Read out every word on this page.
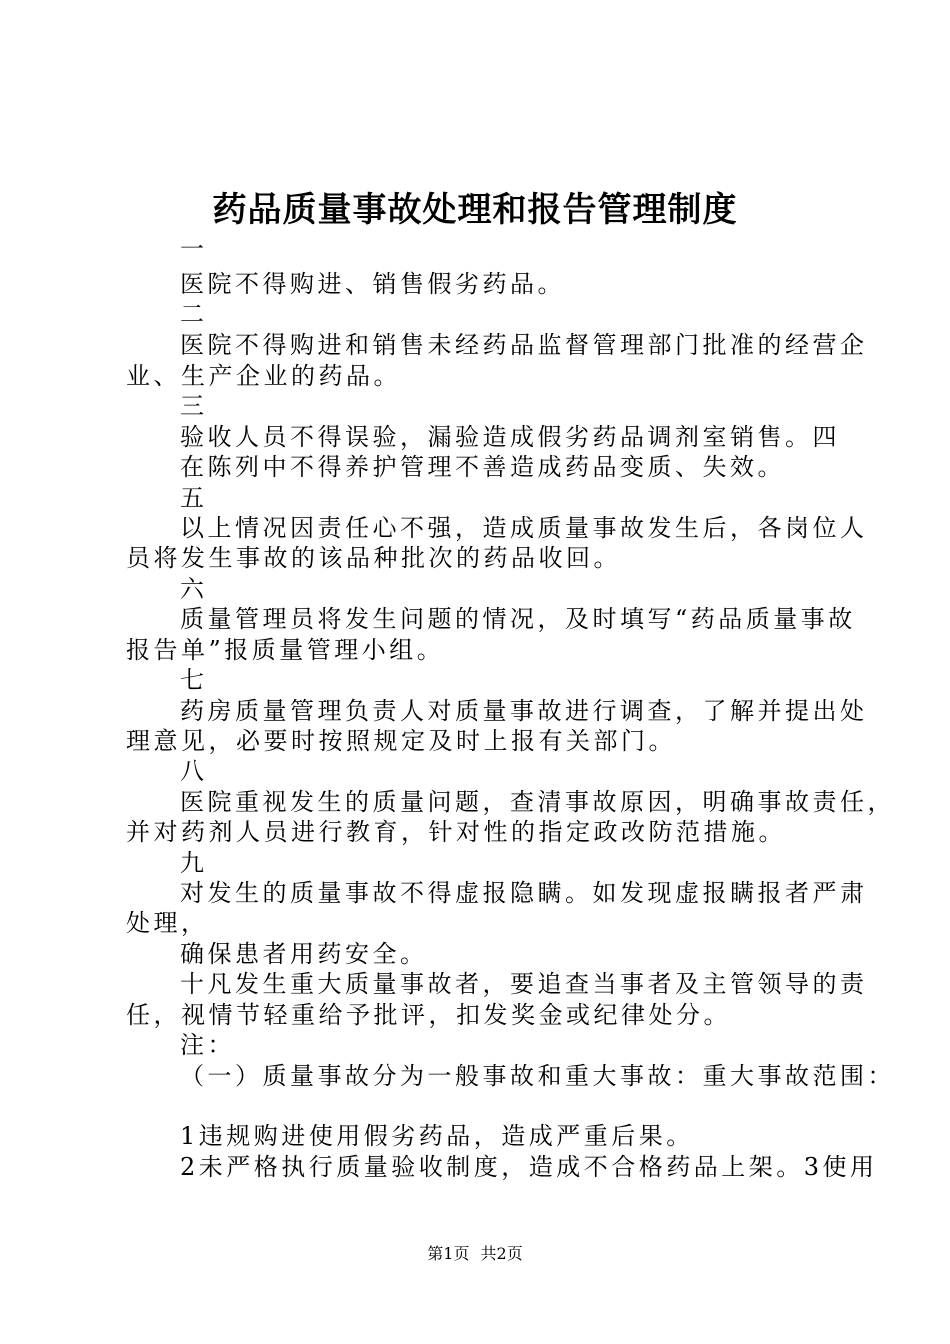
药品质量事故处理和报告管理制度
一
医院不得购进、销售假劣药品。
二
医院不得购进和销售未经药品监督管理部门批准的经营企
业、生产企业的药品。
三
验收人员不得误验，漏验造成假劣药品调剂室销售。四
在陈列中不得养护管理不善造成药品变质、失效。
五
以上情况因责任心不强，造成质量事故发生后，各岗位人
员将发生事故的该品种批次的药品收回。
六
质量管理员将发生问题的情况，及时填写“药品质量事故
报告单”报质量管理小组。
七
药房质量管理负责人对质量事故进行调查，了解并提出处
理意见，必要时按照规定及时上报有关部门。
八
医院重视发生的质量问题，查清事故原因，明确事故责任，
并对药剂人员进行教育，针对性的指定政改防范措施。
九
对发生的质量事故不得虚报隐瞒。如发现虚报瞒报者严肃
处理，
确保患者用药安全。
十凡发生重大质量事故者，要追查当事者及主管领导的责
任，视情节轻重给予批评，扣发奖金或纪律处分。
注：
（一）质量事故分为一般事故和重大事故：重大事故范围：
1违规购进使用假劣药品，造成严重后果。
2未严格执行质量验收制度，造成不合格药品上架。3使用
第1页 共2页
